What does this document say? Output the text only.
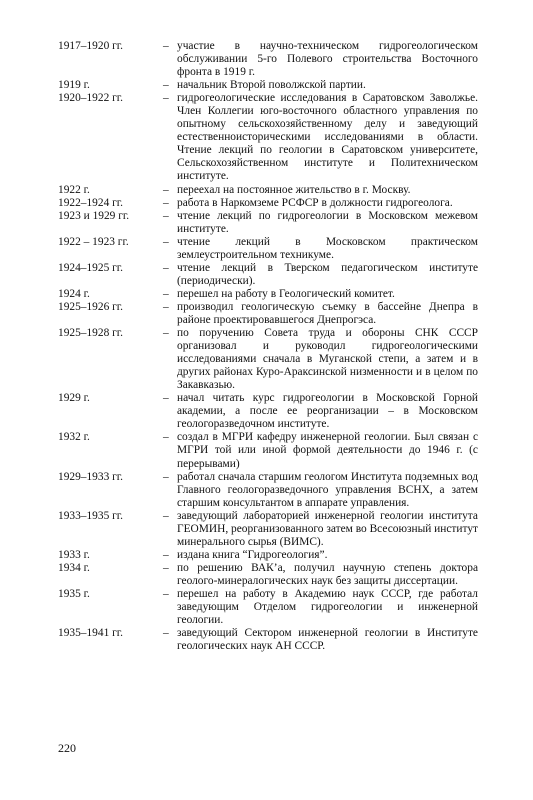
1917–1920 гг.	– участие в научно-техническом гидрогеологическом обслуживании 5-го Полевого строительства Восточного фронта в 1919 г.
1919 г.	– начальник Второй поволжской партии.
1920–1922 гг.	– гидрогеологические исследования в Саратовском Заволжье. Член Коллегии юго-восточного областного управления по опытному сельскохозяйственному делу и заведующий естественноисторическими исследованиями в области. Чтение лекций по геологии в Саратовском университете, Сельскохозяйственном институте и Политехническом институте.
1922 г.	– переехал на постоянное жительство в г. Москву.
1922–1924 гг.	– работа в Наркомземе РСФСР в должности гидрогеолога.
1923 и 1929 гг.	– чтение лекций по гидрогеологии в Московском межевом институте.
1922 – 1923 гг.	– чтение лекций в Московском практическом землеустроительном техникуме.
1924–1925 гг.	– чтение лекций в Тверском педагогическом институте (периодически).
1924 г.	– перешел на работу в Геологический комитет.
1925–1926 гг.	– производил геологическую съемку в бассейне Днепра в районе проектировавшегося Днепрогэса.
1925–1928 гг.	– по поручению Совета труда и обороны СНК СССР организовал и руководил гидрогеологическими исследованиями сначала в Муганской степи, а затем и в других районах Куро-Араксинской низменности и в целом по Закавказью.
1929 г.	– начал читать курс гидрогеологии в Московской Горной академии, а после ее реорганизации – в Московском геологоразведочном институте.
1932 г.	– создал в МГРИ кафедру инженерной геологии. Был связан с МГРИ той или иной формой деятельности до 1946 г. (с перерывами)
1929–1933 гг.	– работал сначала старшим геологом Института подземных вод Главного геологоразведочного управления ВСНХ, а затем старшим консультантом в аппарате управления.
1933–1935 гг.	– заведующий лабораторией инженерной геологии института ГЕОМИН, реорганизованного затем во Всесоюзный институт минерального сырья (ВИМС).
1933 г.	– издана книга “Гидрогеология”.
1934 г.	– по решению ВАК’а, получил научную степень доктора геолого-минералогических наук без защиты диссертации.
1935 г.	– перешел на работу в Академию наук СССР, где работал заведующим Отделом гидрогеологии и инженерной геологии.
1935–1941 гг.	– заведующий Сектором инженерной геологии в Институте геологических наук АН СССР.
220
